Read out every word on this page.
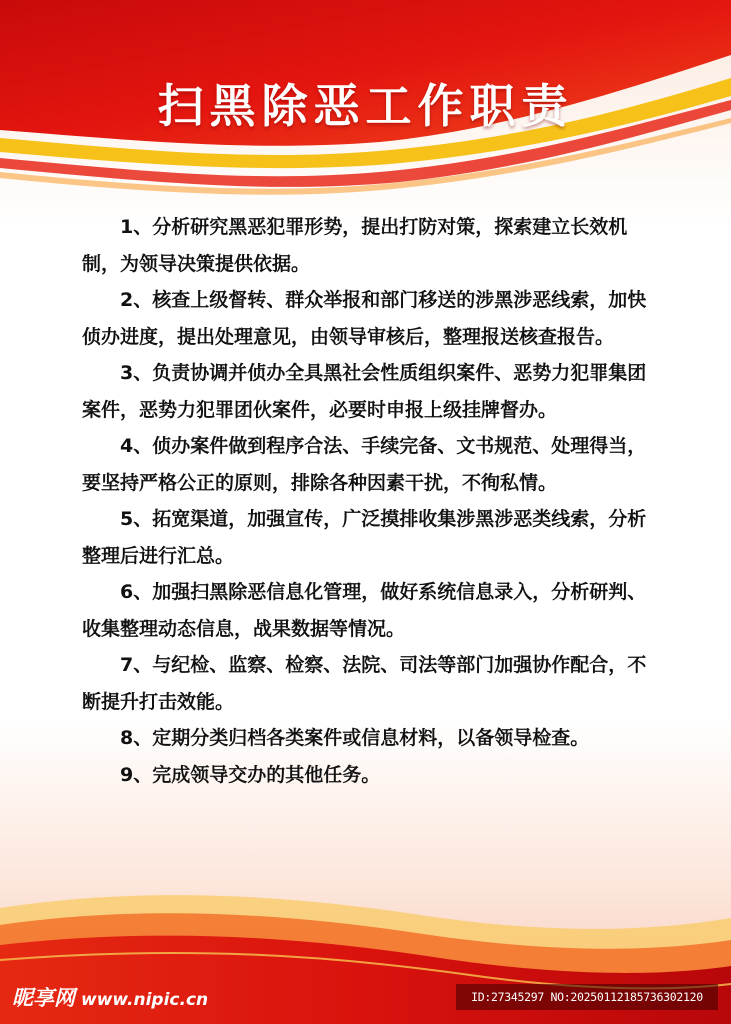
扫黑除恶工作职责

1、分析研究黑恶犯罪形势，提出打防对策，探索建立长效机制，为领导决策提供依据。

2、核查上级督转、群众举报和部门移送的涉黑涉恶线索，加快侦办进度，提出处理意见，由领导审核后，整理报送核查报告。

3、负责协调并侦办全具黑社会性质组织案件、恶势力犯罪集团案件，恶势力犯罪团伙案件，必要时申报上级挂牌督办。

4、侦办案件做到程序合法、手续完备、文书规范、处理得当，要坚持严格公正的原则，排除各种因素干扰，不徇私情。

5、拓宽渠道，加强宣传，广泛摸排收集涉黑涉恶类线索，分析整理后进行汇总。

6、加强扫黑除恶信息化管理，做好系统信息录入，分析研判、收集整理动态信息，战果数据等情况。

7、与纪检、监察、检察、法院、司法等部门加强协作配合，不断提升打击效能。

8、定期分类归档各类案件或信息材料，以备领导检查。

9、完成领导交办的其他任务。

昵享网 www.nipic.cn	ID:27345297 NO:20250112185736302120
